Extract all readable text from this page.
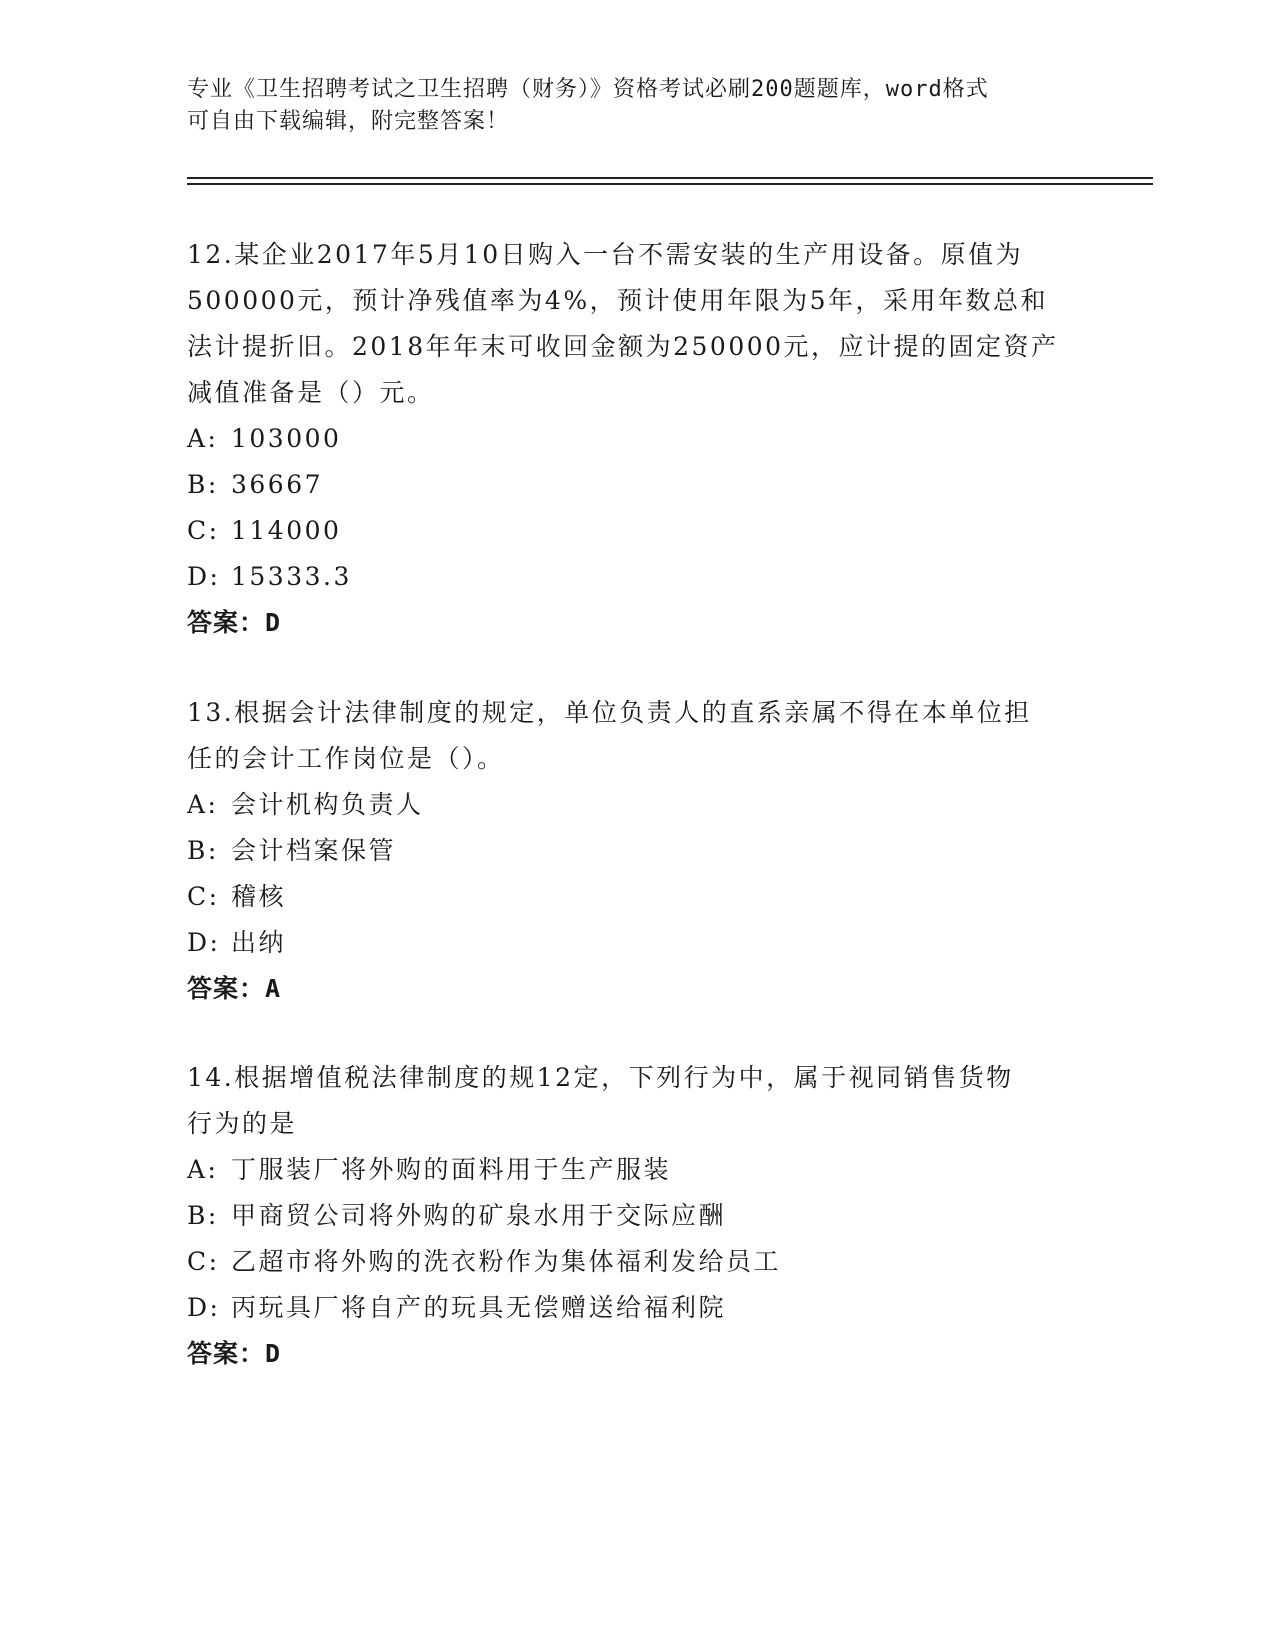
专业《卫生招聘考试之卫生招聘（财务）》资格考试必刷200题题库，word格式
可自由下载编辑，附完整答案！
12.某企业2017年5月10日购入一台不需安装的生产用设备。原值为
500000元，预计净残值率为4%，预计使用年限为5年，采用年数总和
法计提折旧。2018年年末可收回金额为250000元，应计提的固定资产
减值准备是（）元。
A: 103000
B: 36667
C: 114000
D: 15333.3
答案：D
13.根据会计法律制度的规定，单位负责人的直系亲属不得在本单位担
任的会计工作岗位是（）。
A: 会计机构负责人
B: 会计档案保管
C: 稽核
D: 出纳
答案：A
14.根据增值税法律制度的规12定，下列行为中，属于视同销售货物
行为的是
A: 丁服装厂将外购的面料用于生产服装
B: 甲商贸公司将外购的矿泉水用于交际应酬
C: 乙超市将外购的洗衣粉作为集体福利发给员工
D: 丙玩具厂将自产的玩具无偿赠送给福利院
答案：D
